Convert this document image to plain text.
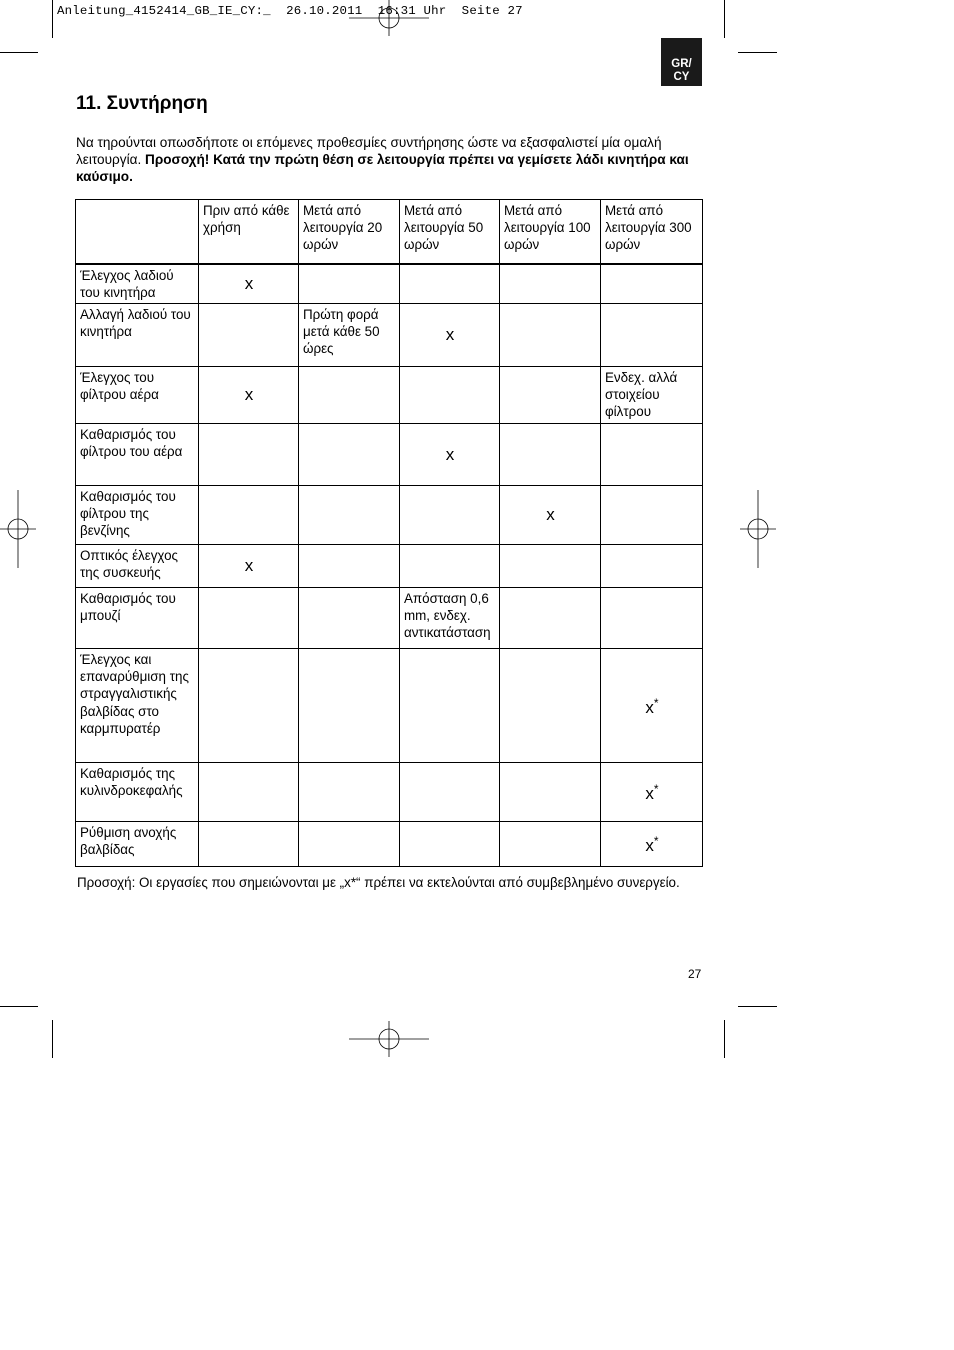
Anleitung_4152414_GB_IE_CY:_  26.10.2011  16:31 Uhr  Seite 27
GR/
CY
11. Συντήρηση
Να τηρούνται οπωσδήποτε οι επόμενες προθεσμίες συντήρησης ώστε να εξασφαλιστεί μία ομαλή λειτουργία. Προσοχή! Κατά την πρώτη θέση σε λειτουργία πρέπει να γεμίσετε λάδι κινητήρα και καύσιμο.
	Πριν από κάθε χρήση	Μετά από λειτουργία 20 ωρών	Μετά από λειτουργία 50 ωρών	Μετά από λειτουργία 100 ωρών	Μετά από λειτουργία 300 ωρών
Έλεγχος λαδιού του κινητήρα	x				
Αλλαγή λαδιού του κινητήρα		Πρώτη φορά μετά κάθε 50 ώρες	x		
Έλεγχος του φίλτρου αέρα	x				Ενδεχ. αλλά στοιχείου φίλτρου
Καθαρισμός του φίλτρου του αέρα			x		
Καθαρισμός του φίλτρου της βενζίνης				x	
Οπτικός έλεγχος της συσκευής	x				
Καθαρισμός του μπουζί			Απόσταση 0,6 mm, ενδεχ. αντικατάσταση		
Έλεγχος και επαναρύθμιση της στραγγαλιστικής βαλβίδας στο καρμπυρατέρ					x*
Καθαρισμός της κυλινδροκεφαλής					x*
Ρύθμιση ανοχής βαλβίδας					x*
Προσοχή: Οι εργασίες που σημειώνονται με „x*“ πρέπει να εκτελούνται από συμβεβλημένο συνεργείο.
27
